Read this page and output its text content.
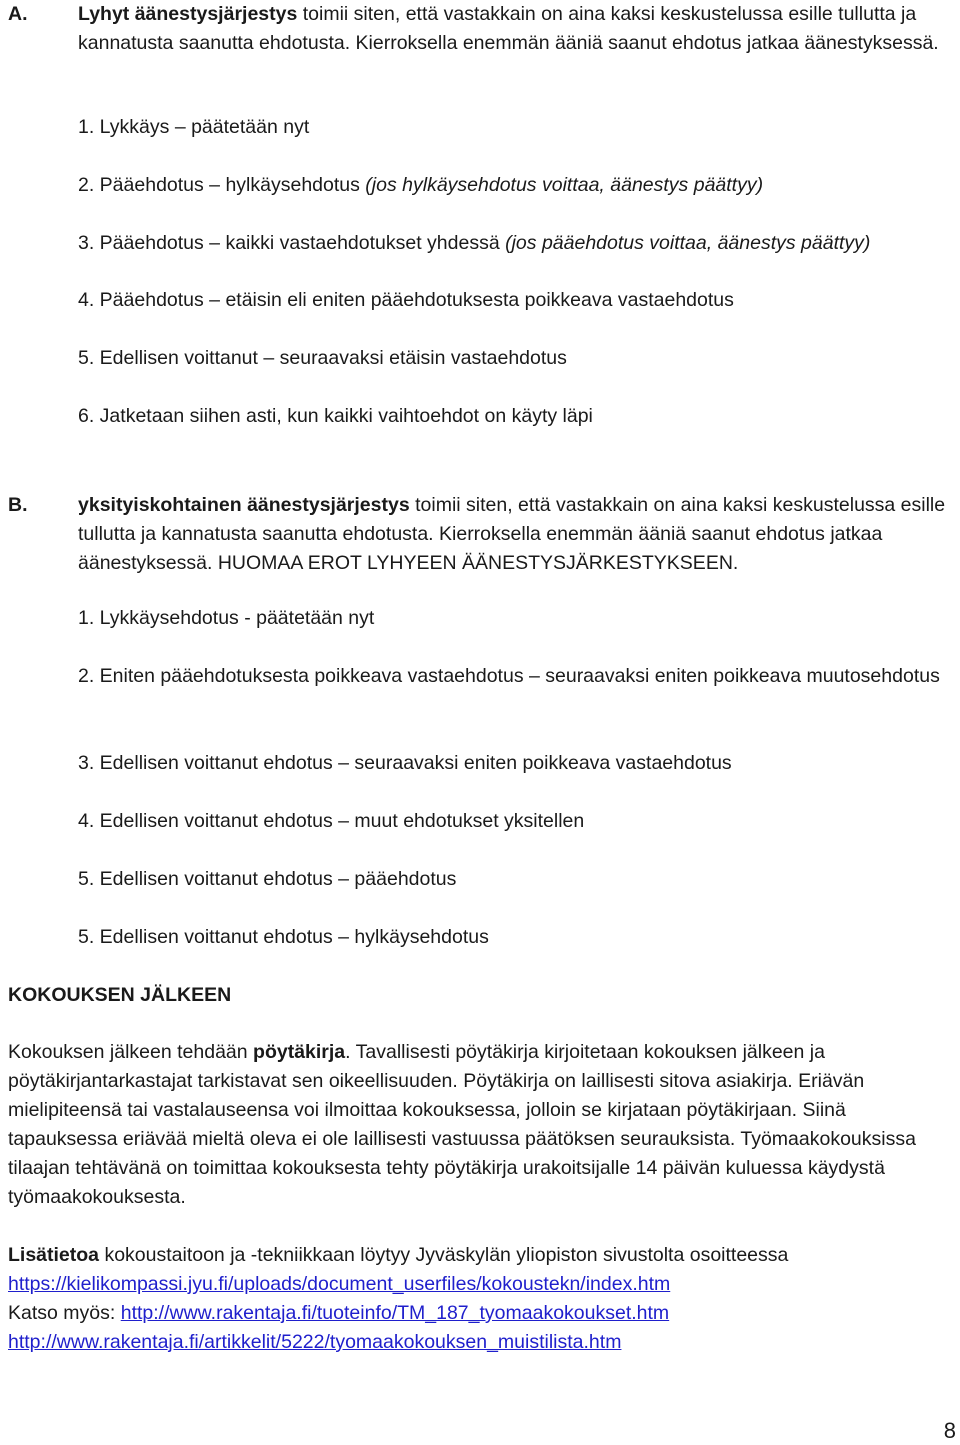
A.	Lyhyt äänestysjärjestys toimii siten, että vastakkain on aina kaksi keskustelussa esille tullutta ja kannatusta saanutta ehdotusta. Kierroksella enemmän ääniä saanut ehdotus jatkaa äänestyksessä.
1. Lykkäys – päätetään nyt
2. Pääehdotus – hylkäysehdotus (jos hylkäysehdotus voittaa, äänestys päättyy)
3. Pääehdotus – kaikki vastaehdotukset yhdessä (jos pääehdotus voittaa, äänestys päättyy)
4. Pääehdotus – etäisin eli eniten pääehdotuksesta poikkeava vastaehdotus
5. Edellisen voittanut – seuraavaksi etäisin vastaehdotus
6. Jatketaan siihen asti, kun kaikki vaihtoehdot on käyty läpi
B.	yksityiskohtainen äänestysjärjestys toimii siten, että vastakkain on aina kaksi keskustelussa esille tullutta ja kannatusta saanutta ehdotusta. Kierroksella enemmän ääniä saanut ehdotus jatkaa äänestyksessä. HUOMAA EROT LYHYEEN ÄÄNESTYSJÄRKESTYKSEEN.
1. Lykkäysehdotus - päätetään nyt
2. Eniten pääehdotuksesta poikkeava vastaehdotus – seuraavaksi eniten poikkeava muutosehdotus
3. Edellisen voittanut ehdotus – seuraavaksi eniten poikkeava vastaehdotus
4. Edellisen voittanut ehdotus – muut ehdotukset yksitellen
5. Edellisen voittanut ehdotus – pääehdotus
5. Edellisen voittanut ehdotus – hylkäysehdotus
KOKOUKSEN JÄLKEEN
Kokouksen jälkeen tehdään pöytäkirja. Tavallisesti pöytäkirja kirjoitetaan kokouksen jälkeen ja pöytäkirjantarkastajat tarkistavat sen oikeellisuuden. Pöytäkirja on laillisesti sitova asiakirja. Eriävän mielipiteensä tai vastalauseensa voi ilmoittaa kokouksessa, jolloin se kirjataan pöytäkirjaan. Siinä tapauksessa eriävää mieltä oleva ei ole laillisesti vastuussa päätöksen seurauksista. Työmaakokouksissa tilaajan tehtävänä on toimittaa kokouksesta tehty pöytäkirja urakoitsijalle 14 päivän kuluessa käydystä työmaakokouksesta.
Lisätietoa kokoustaitoon ja -tekniikkaan löytyy Jyväskylän yliopiston sivustolta osoitteessa
https://kielikompassi.jyu.fi/uploads/document_userfiles/kokoustekn/index.htm
Katso myös: http://www.rakentaja.fi/tuoteinfo/TM_187_tyomaakokoukset.htm
http://www.rakentaja.fi/artikkelit/5222/tyomaakokouksen_muistilista.htm
8
